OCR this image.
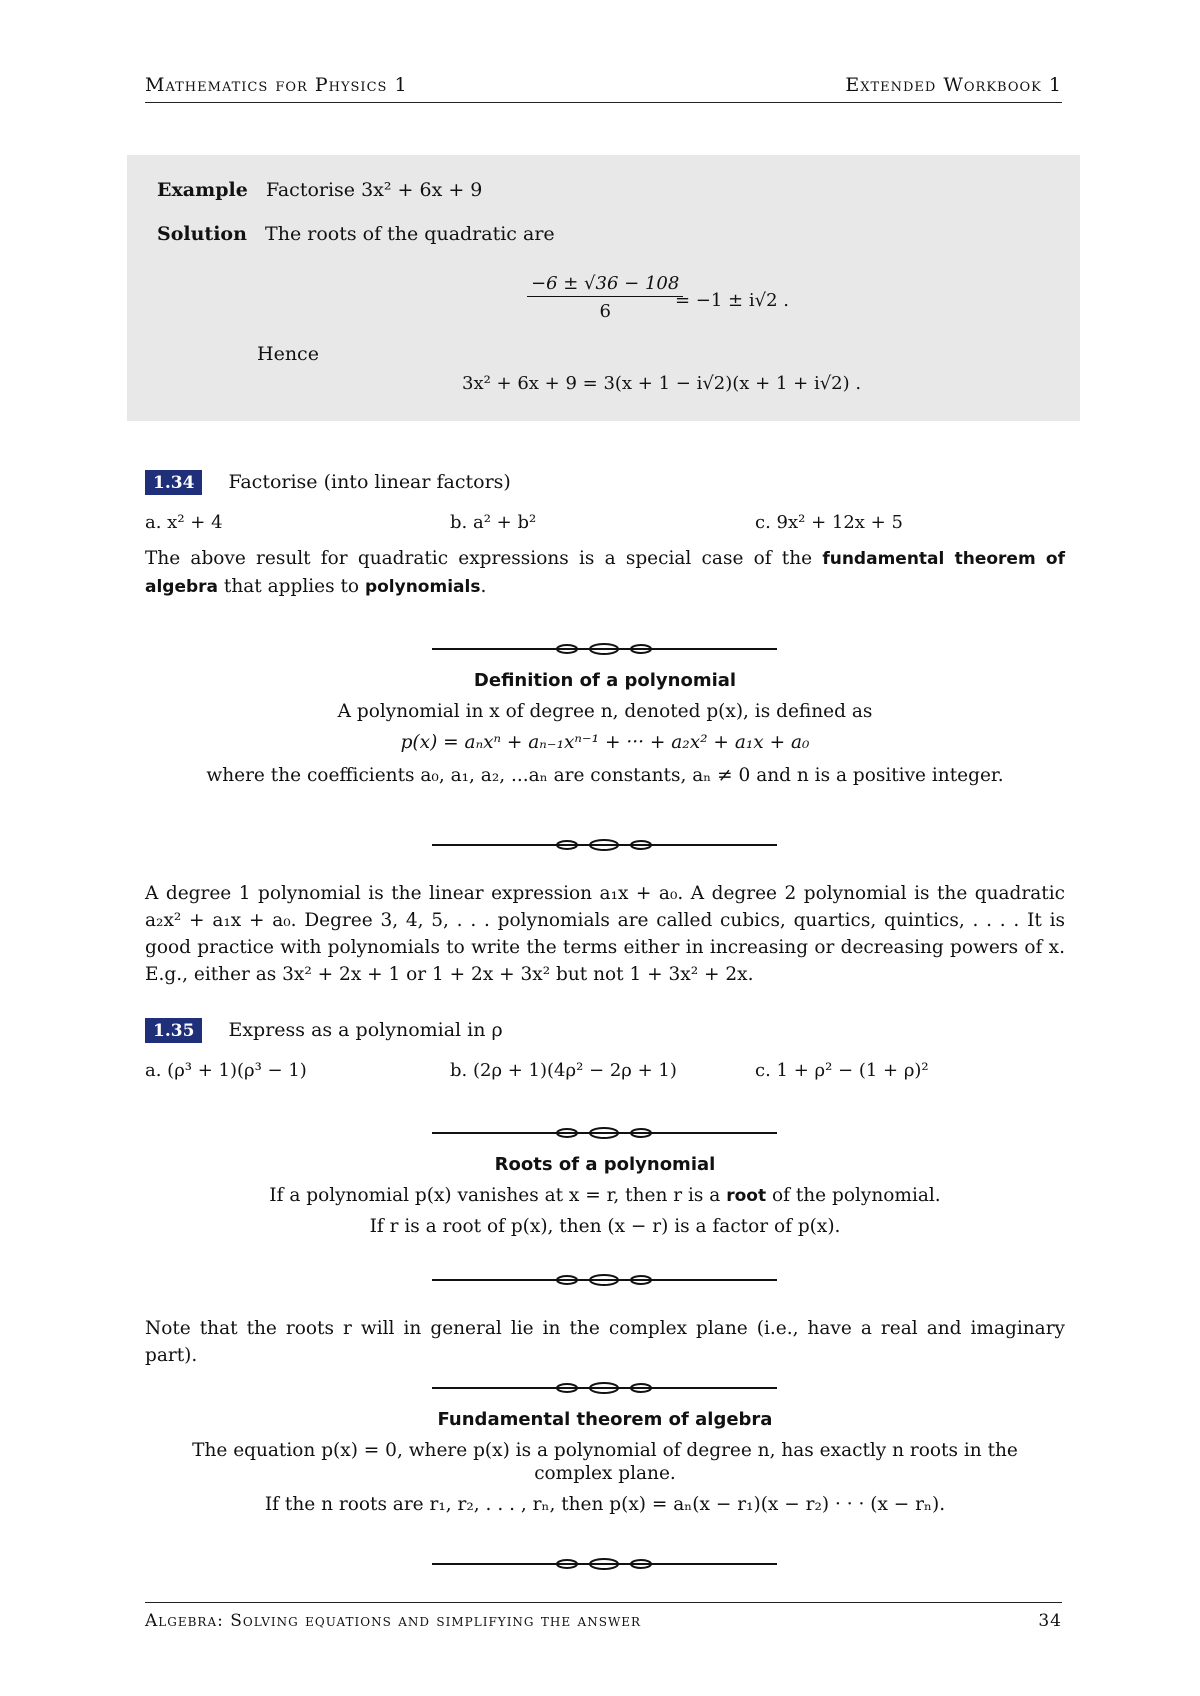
Mathematics for Physics 1	Extended Workbook 1
Example Factorise 3x² + 6x + 9
Solution The roots of the quadratic are
$\frac{-6 \pm √36 - 108}{6}$
= −1 ± i√2 .
Hence
3x² + 6x + 9 = 3(x + 1 − i√2)(x + 1 + i√2) .
1.34 Factorise (into linear factors)
a. x² + 4	b. a² + b²	c. 9x² + 12x + 5
The above result for quadratic expressions is a special case of the fundamental theorem of algebra that applies to polynomials.
Definition of a polynomial
A polynomial in x of degree n, denoted p(x), is defined as
p(x) = aₙxⁿ + aₙ₋₁xⁿ⁻¹ + ··· + a₂x² + a₁x + a₀
where the coefficients a₀, a₁, a₂, ...aₙ are constants, aₙ ≠ 0 and n is a positive integer.
A degree 1 polynomial is the linear expression a₁x + a₀. A degree 2 polynomial is the quadratic a₂x² + a₁x + a₀. Degree 3, 4, 5, . . . polynomials are called cubics, quartics, quintics, . . . . It is good practice with polynomials to write the terms either in increasing or decreasing powers of x. E.g., either as 3x² + 2x + 1 or 1 + 2x + 3x² but not 1 + 3x² + 2x.
1.35 Express as a polynomial in ρ
a. (ρ³ + 1)(ρ³ − 1)	b. (2ρ + 1)(4ρ² − 2ρ + 1)	c. 1 + ρ² − (1 + ρ)²
Roots of a polynomial
If a polynomial p(x) vanishes at x = r, then r is a root of the polynomial.
If r is a root of p(x), then (x − r) is a factor of p(x).
Note that the roots r will in general lie in the complex plane (i.e., have a real and imaginary part).
Fundamental theorem of algebra
The equation p(x) = 0, where p(x) is a polynomial of degree n, has exactly n roots in the
complex plane.
If the n roots are r₁, r₂, . . . , rₙ, then p(x) = aₙ(x − r₁)(x − r₂) · · · (x − rₙ).
Algebra: Solving equations and simplifying the answer	34
